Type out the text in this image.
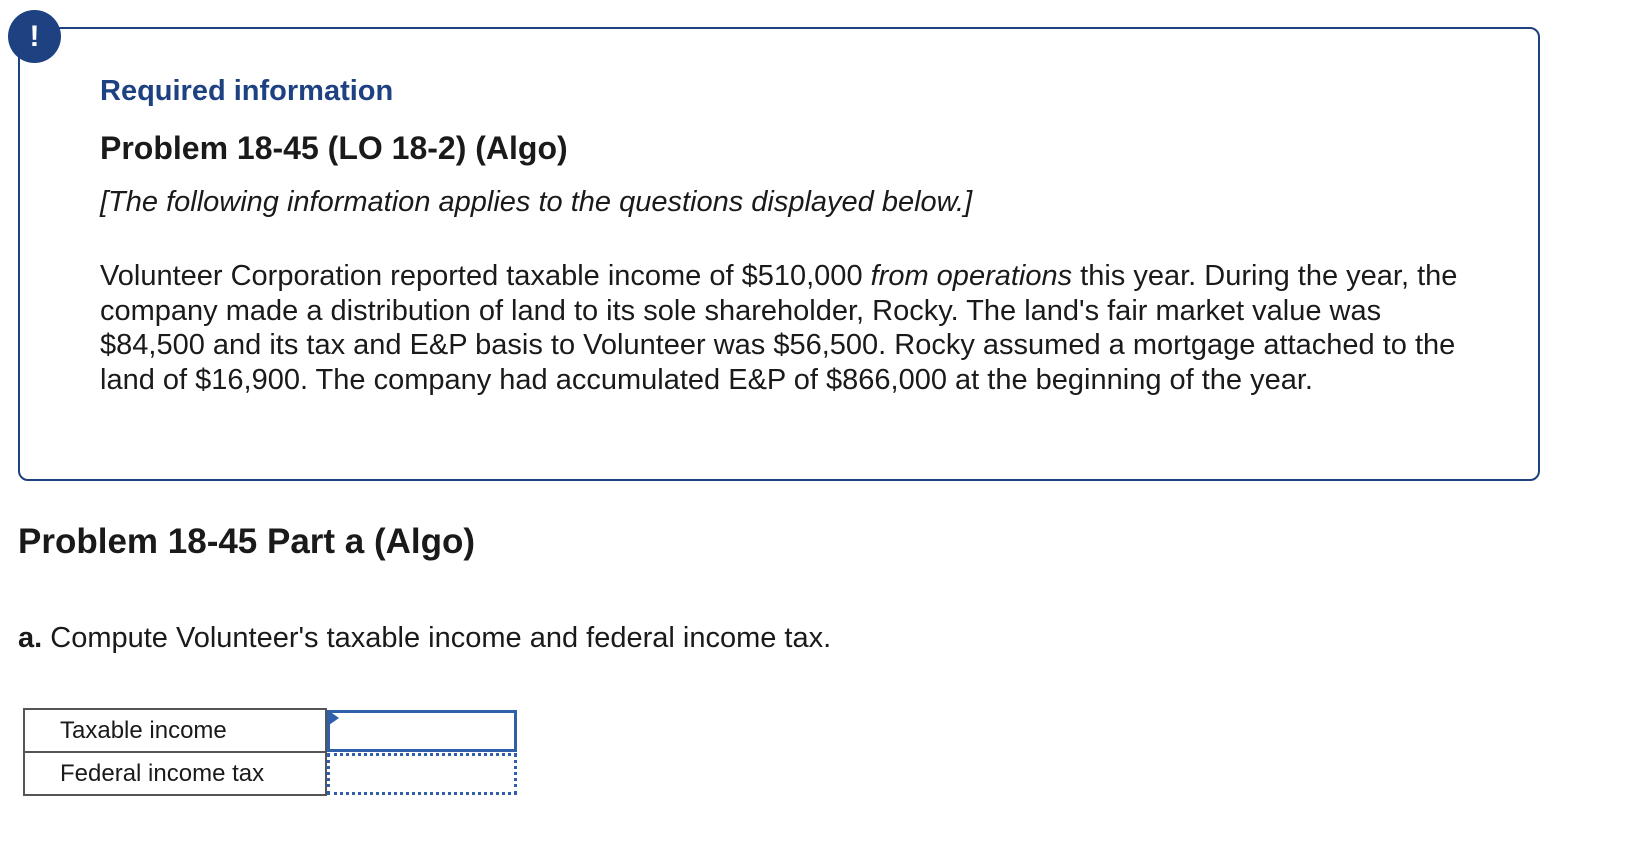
!
Required information
Problem 18-45 (LO 18-2) (Algo)
[The following information applies to the questions displayed below.]
Volunteer Corporation reported taxable income of $510,000 from operations this year. During the year, the company made a distribution of land to its sole shareholder, Rocky. The land's fair market value was $84,500 and its tax and E&P basis to Volunteer was $56,500. Rocky assumed a mortgage attached to the land of $16,900. The company had accumulated E&P of $866,000 at the beginning of the year.
Problem 18-45 Part a (Algo)
a. Compute Volunteer's taxable income and federal income tax.
Taxable income	

Federal income tax	
